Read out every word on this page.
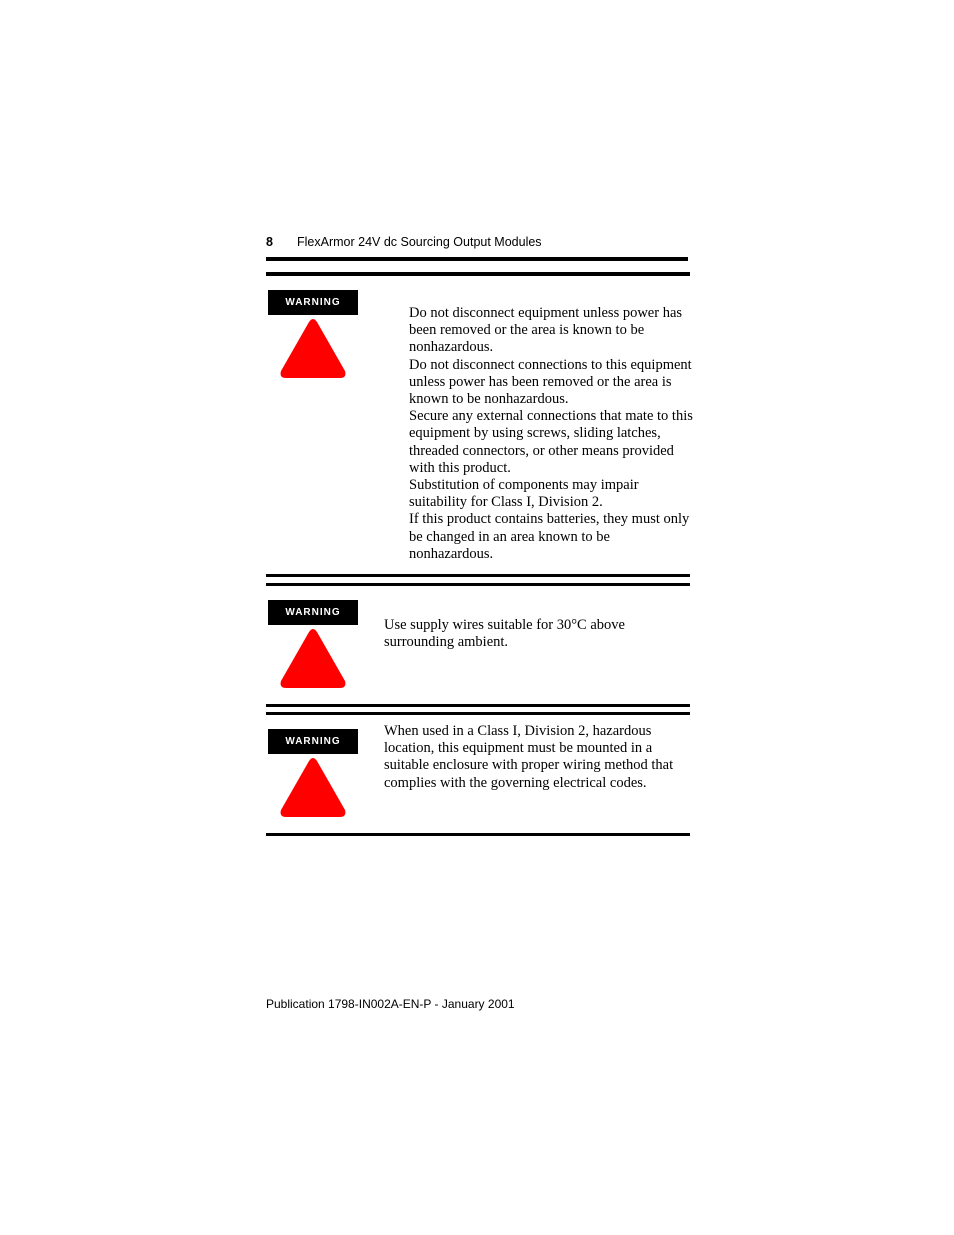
8 FlexArmor 24V dc Sourcing Output Modules
WARNING

Do not disconnect equipment unless power has been removed or the area is known to be nonhazardous.

Do not disconnect connections to this equipment unless power has been removed or the area is known to be nonhazardous.

Secure any external connections that mate to this equipment by using screws, sliding latches, threaded connectors, or other means provided with this product.

Substitution of components may impair suitability for Class I, Division 2.

If this product contains batteries, they must only be changed in an area known to be nonhazardous.

WARNING

Use supply wires suitable for 30°C above surrounding ambient.

WARNING

When used in a Class I, Division 2, hazardous location, this equipment must be mounted in a suitable enclosure with proper wiring method that complies with the governing electrical codes.

Publication 1798-IN002A-EN-P - January 2001
